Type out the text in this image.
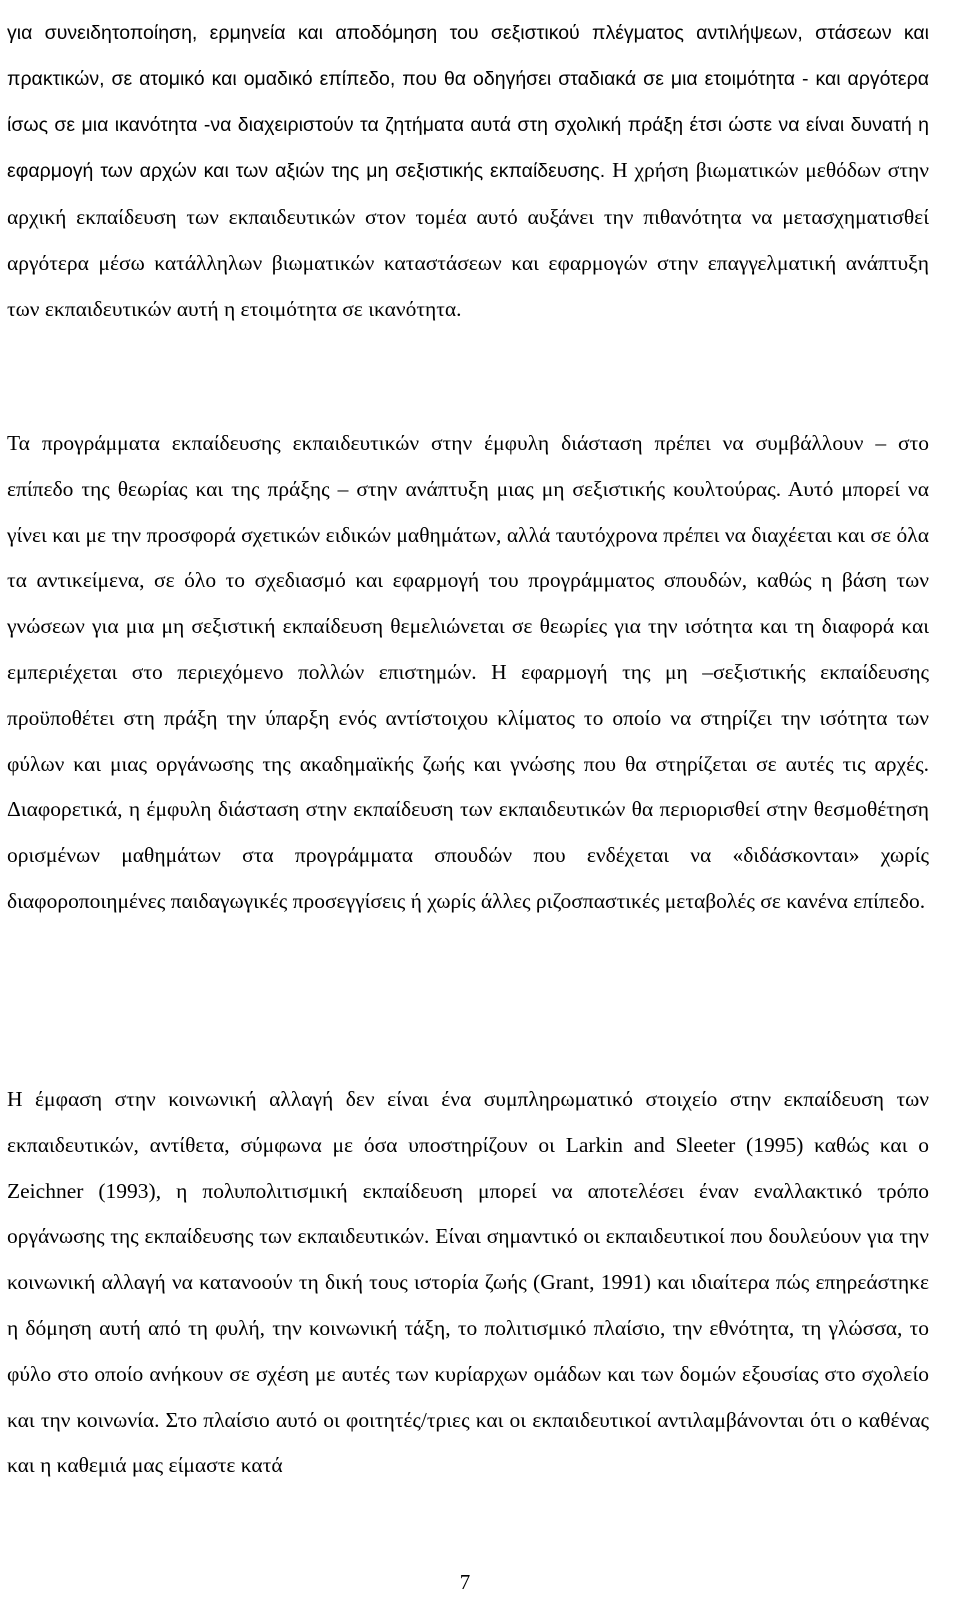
για συνειδητοποίηση, ερμηνεία και αποδόμηση του σεξιστικού πλέγματος αντιλήψεων, στάσεων και πρακτικών, σε ατομικό και ομαδικό επίπεδο, που θα οδηγήσει σταδιακά σε μια ετοιμότητα - και αργότερα ίσως σε μια ικανότητα -να διαχειριστούν τα ζητήματα αυτά στη σχολική πράξη έτσι ώστε να είναι δυνατή η εφαρμογή των αρχών και των αξιών της μη σεξιστικής εκπαίδευσης. Η χρήση βιωματικών μεθόδων στην αρχική εκπαίδευση των εκπαιδευτικών στον τομέα αυτό αυξάνει την πιθανότητα να μετασχηματισθεί αργότερα μέσω κατάλληλων βιωματικών καταστάσεων και εφαρμογών στην επαγγελματική ανάπτυξη των εκπαιδευτικών αυτή η ετοιμότητα σε ικανότητα.

Τα προγράμματα εκπαίδευσης εκπαιδευτικών στην έμφυλη διάσταση πρέπει να συμβάλλουν – στο επίπεδο της θεωρίας και της πράξης – στην ανάπτυξη μιας μη σεξιστικής κουλτούρας. Αυτό μπορεί να γίνει και με την προσφορά σχετικών ειδικών μαθημάτων, αλλά ταυτόχρονα πρέπει να διαχέεται και σε όλα τα αντικείμενα, σε όλο το σχεδιασμό και εφαρμογή του προγράμματος σπουδών, καθώς η βάση των γνώσεων για μια μη σεξιστική εκπαίδευση θεμελιώνεται σε θεωρίες για την ισότητα και τη διαφορά και εμπεριέχεται στο περιεχόμενο πολλών επιστημών. Η εφαρμογή της μη –σεξιστικής εκπαίδευσης προϋποθέτει στη πράξη την ύπαρξη ενός αντίστοιχου κλίματος το οποίο να στηρίζει την ισότητα των φύλων και μιας οργάνωσης της ακαδημαϊκής ζωής και γνώσης που θα στηρίζεται σε αυτές τις αρχές. Διαφορετικά, η έμφυλη διάσταση στην εκπαίδευση των εκπαιδευτικών θα περιορισθεί στην θεσμοθέτηση ορισμένων μαθημάτων στα προγράμματα σπουδών που ενδέχεται να «διδάσκονται» χωρίς διαφοροποιημένες παιδαγωγικές προσεγγίσεις ή χωρίς άλλες ριζοσπαστικές μεταβολές σε κανένα επίπεδο.

Η έμφαση στην κοινωνική αλλαγή δεν είναι ένα συμπληρωματικό στοιχείο στην εκπαίδευση των εκπαιδευτικών, αντίθετα, σύμφωνα με όσα υποστηρίζουν οι Larkin and Sleeter (1995) καθώς και ο Zeichner (1993), η πολυπολιτισμική εκπαίδευση μπορεί να αποτελέσει έναν εναλλακτικό τρόπο οργάνωσης της εκπαίδευσης των εκπαιδευτικών. Είναι σημαντικό οι εκπαιδευτικοί που δουλεύουν για την κοινωνική αλλαγή να κατανοούν τη δική τους ιστορία ζωής (Grant, 1991) και ιδιαίτερα πώς επηρεάστηκε η δόμηση αυτή από τη φυλή, την κοινωνική τάξη, το πολιτισμικό πλαίσιο, την εθνότητα, τη γλώσσα, το φύλο στο οποίο ανήκουν σε σχέση με αυτές των κυρίαρχων ομάδων και των δομών εξουσίας στο σχολείο και την κοινωνία. Στο πλαίσιο αυτό οι φοιτητές/τριες και οι εκπαιδευτικοί αντιλαμβάνονται ότι ο καθένας και η καθεμιά μας είμαστε κατά

7
